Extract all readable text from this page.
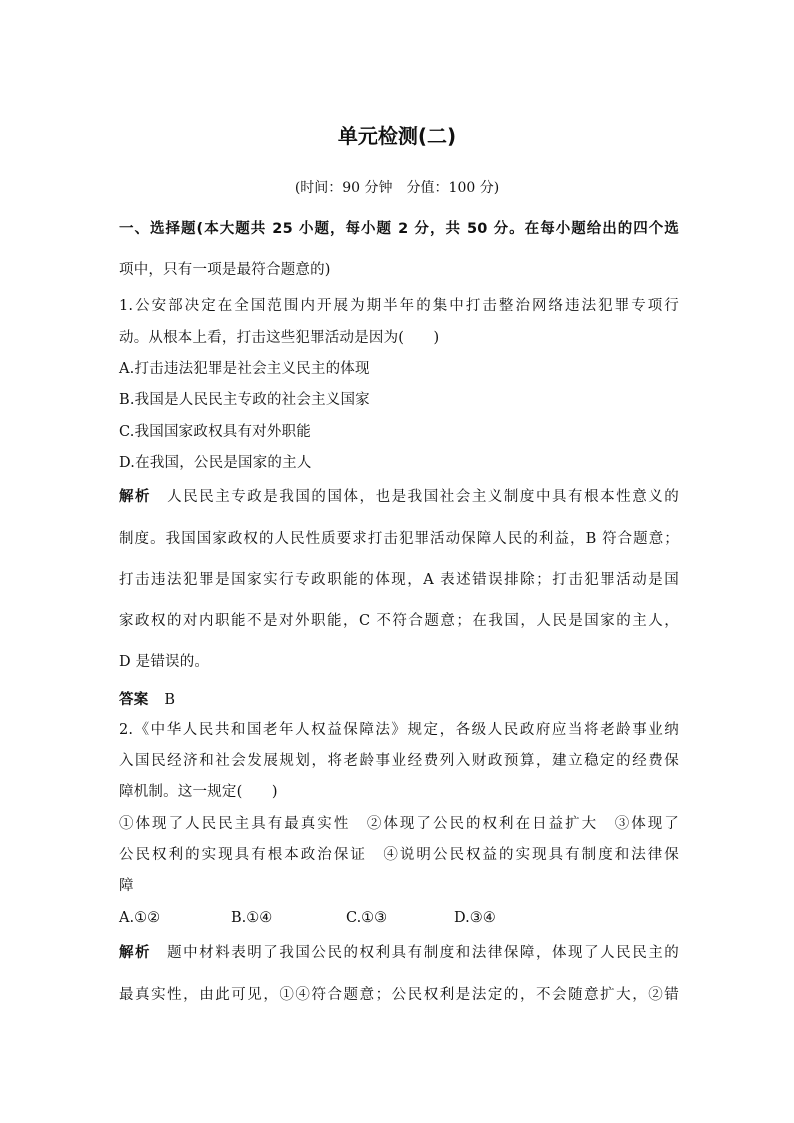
单元检测(二)
(时间：90 分钟　分值：100 分)
一、选择题(本大题共 25 小题，每小题 2 分，共 50 分。在每小题给出的四个选
项中，只有一项是最符合题意的)
1.公安部决定在全国范围内开展为期半年的集中打击整治网络违法犯罪专项行
动。从根本上看，打击这些犯罪活动是因为(　　)
A.打击违法犯罪是社会主义民主的体现
B.我国是人民民主专政的社会主义国家
C.我国国家政权具有对外职能
D.在我国，公民是国家的主人
解析 人民民主专政是我国的国体，也是我国社会主义制度中具有根本性意义的
制度。我国国家政权的人民性质要求打击犯罪活动保障人民的利益，B 符合题意；
打击违法犯罪是国家实行专政职能的体现，A 表述错误排除；打击犯罪活动是国
家政权的对内职能不是对外职能，C 不符合题意；在我国，人民是国家的主人，
D 是错误的。
答案 B
2.《中华人民共和国老年人权益保障法》规定，各级人民政府应当将老龄事业纳
入国民经济和社会发展规划，将老龄事业经费列入财政预算，建立稳定的经费保
障机制。这一规定(　　)
①体现了人民民主具有最真实性　②体现了公民的权利在日益扩大　③体现了
公民权利的实现具有根本政治保证　④说明公民权益的实现具有制度和法律保
障
A.①②	B.①④	C.①③	D.③④
解析 题中材料表明了我国公民的权利具有制度和法律保障，体现了人民民主的
最真实性，由此可见，①④符合题意；公民权利是法定的，不会随意扩大，②错
